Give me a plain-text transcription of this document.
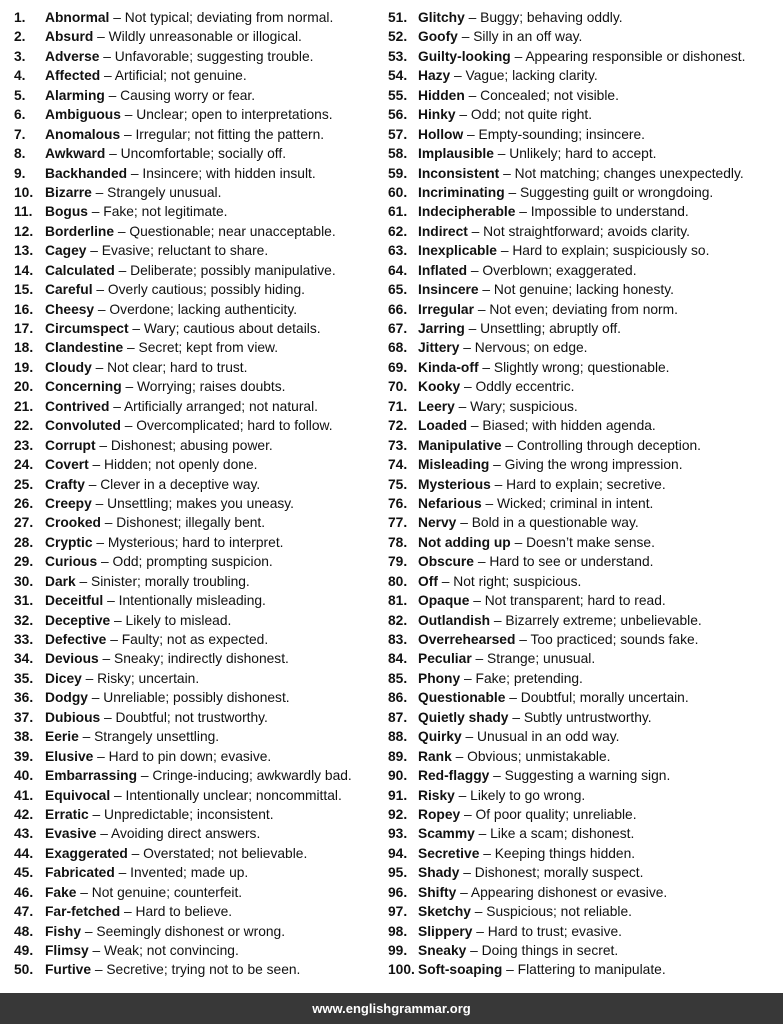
1. Abnormal – Not typical; deviating from normal.
2. Absurd – Wildly unreasonable or illogical.
3. Adverse – Unfavorable; suggesting trouble.
4. Affected – Artificial; not genuine.
5. Alarming – Causing worry or fear.
6. Ambiguous – Unclear; open to interpretations.
7. Anomalous – Irregular; not fitting the pattern.
8. Awkward – Uncomfortable; socially off.
9. Backhanded – Insincere; with hidden insult.
10. Bizarre – Strangely unusual.
11. Bogus – Fake; not legitimate.
12. Borderline – Questionable; near unacceptable.
13. Cagey – Evasive; reluctant to share.
14. Calculated – Deliberate; possibly manipulative.
15. Careful – Overly cautious; possibly hiding.
16. Cheesy – Overdone; lacking authenticity.
17. Circumspect – Wary; cautious about details.
18. Clandestine – Secret; kept from view.
19. Cloudy – Not clear; hard to trust.
20. Concerning – Worrying; raises doubts.
21. Contrived – Artificially arranged; not natural.
22. Convoluted – Overcomplicated; hard to follow.
23. Corrupt – Dishonest; abusing power.
24. Covert – Hidden; not openly done.
25. Crafty – Clever in a deceptive way.
26. Creepy – Unsettling; makes you uneasy.
27. Crooked – Dishonest; illegally bent.
28. Cryptic – Mysterious; hard to interpret.
29. Curious – Odd; prompting suspicion.
30. Dark – Sinister; morally troubling.
31. Deceitful – Intentionally misleading.
32. Deceptive – Likely to mislead.
33. Defective – Faulty; not as expected.
34. Devious – Sneaky; indirectly dishonest.
35. Dicey – Risky; uncertain.
36. Dodgy – Unreliable; possibly dishonest.
37. Dubious – Doubtful; not trustworthy.
38. Eerie – Strangely unsettling.
39. Elusive – Hard to pin down; evasive.
40. Embarrassing – Cringe-inducing; awkwardly bad.
41. Equivocal – Intentionally unclear; noncommittal.
42. Erratic – Unpredictable; inconsistent.
43. Evasive – Avoiding direct answers.
44. Exaggerated – Overstated; not believable.
45. Fabricated – Invented; made up.
46. Fake – Not genuine; counterfeit.
47. Far-fetched – Hard to believe.
48. Fishy – Seemingly dishonest or wrong.
49. Flimsy – Weak; not convincing.
50. Furtive – Secretive; trying not to be seen.
51. Glitchy – Buggy; behaving oddly.
52. Goofy – Silly in an off way.
53. Guilty-looking – Appearing responsible or dishonest.
54. Hazy – Vague; lacking clarity.
55. Hidden – Concealed; not visible.
56. Hinky – Odd; not quite right.
57. Hollow – Empty-sounding; insincere.
58. Implausible – Unlikely; hard to accept.
59. Inconsistent – Not matching; changes unexpectedly.
60. Incriminating – Suggesting guilt or wrongdoing.
61. Indecipherable – Impossible to understand.
62. Indirect – Not straightforward; avoids clarity.
63. Inexplicable – Hard to explain; suspiciously so.
64. Inflated – Overblown; exaggerated.
65. Insincere – Not genuine; lacking honesty.
66. Irregular – Not even; deviating from norm.
67. Jarring – Unsettling; abruptly off.
68. Jittery – Nervous; on edge.
69. Kinda-off – Slightly wrong; questionable.
70. Kooky – Oddly eccentric.
71. Leery – Wary; suspicious.
72. Loaded – Biased; with hidden agenda.
73. Manipulative – Controlling through deception.
74. Misleading – Giving the wrong impression.
75. Mysterious – Hard to explain; secretive.
76. Nefarious – Wicked; criminal in intent.
77. Nervy – Bold in a questionable way.
78. Not adding up – Doesn’t make sense.
79. Obscure – Hard to see or understand.
80. Off – Not right; suspicious.
81. Opaque – Not transparent; hard to read.
82. Outlandish – Bizarrely extreme; unbelievable.
83. Overrehearsed – Too practiced; sounds fake.
84. Peculiar – Strange; unusual.
85. Phony – Fake; pretending.
86. Questionable – Doubtful; morally uncertain.
87. Quietly shady – Subtly untrustworthy.
88. Quirky – Unusual in an odd way.
89. Rank – Obvious; unmistakable.
90. Red-flaggy – Suggesting a warning sign.
91. Risky – Likely to go wrong.
92. Ropey – Of poor quality; unreliable.
93. Scammy – Like a scam; dishonest.
94. Secretive – Keeping things hidden.
95. Shady – Dishonest; morally suspect.
96. Shifty – Appearing dishonest or evasive.
97. Sketchy – Suspicious; not reliable.
98. Slippery – Hard to trust; evasive.
99. Sneaky – Doing things in secret.
100. Soft-soaping – Flattering to manipulate.
www.englishgrammar.org
